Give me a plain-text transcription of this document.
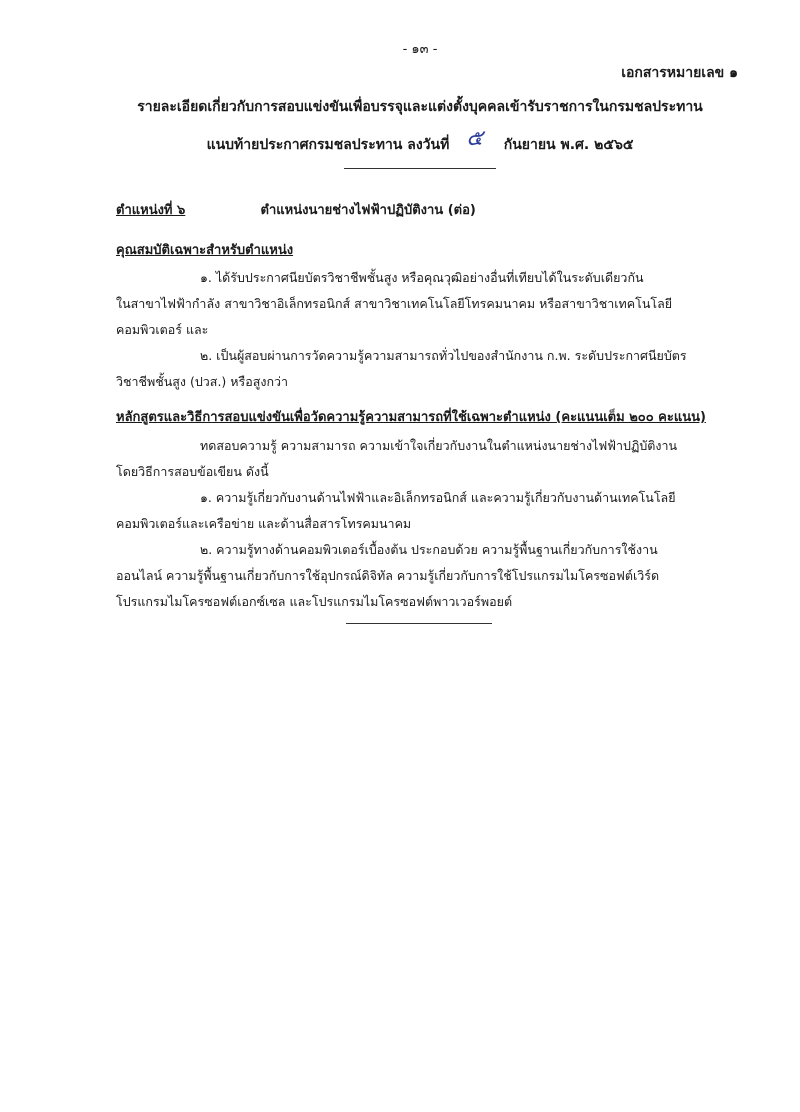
- ๑๓ -
เอกสารหมายเลข ๑
รายละเอียดเกี่ยวกับการสอบแข่งขันเพื่อบรรจุและแต่งตั้งบุคคลเข้ารับราชการในกรมชลประทาน
แนบท้ายประกาศกรมชลประทาน ลงวันที่ ๕ กันยายน พ.ศ. ๒๕๖๕
ตำแหน่งที่ ๖	ตำแหน่งนายช่างไฟฟ้าปฏิบัติงาน (ต่อ)
คุณสมบัติเฉพาะสำหรับตำแหน่ง
๑. ได้รับประกาศนียบัตรวิชาชีพชั้นสูง หรือคุณวุฒิอย่างอื่นที่เทียบได้ในระดับเดียวกัน
ในสาขาไฟฟ้ากำลัง สาขาวิชาอิเล็กทรอนิกส์ สาขาวิชาเทคโนโลยีโทรคมนาคม หรือสาขาวิชาเทคโนโลยี
คอมพิวเตอร์ และ
๒. เป็นผู้สอบผ่านการวัดความรู้ความสามารถทั่วไปของสำนักงาน ก.พ. ระดับประกาศนียบัตร
วิชาชีพชั้นสูง (ปวส.) หรือสูงกว่า
หลักสูตรและวิธีการสอบแข่งขันเพื่อวัดความรู้ความสามารถที่ใช้เฉพาะตำแหน่ง (คะแนนเต็ม ๒๐๐ คะแนน)
ทดสอบความรู้ ความสามารถ ความเข้าใจเกี่ยวกับงานในตำแหน่งนายช่างไฟฟ้าปฏิบัติงาน
โดยวิธีการสอบข้อเขียน ดังนี้
๑. ความรู้เกี่ยวกับงานด้านไฟฟ้าและอิเล็กทรอนิกส์ และความรู้เกี่ยวกับงานด้านเทคโนโลยี
คอมพิวเตอร์และเครือข่าย และด้านสื่อสารโทรคมนาคม
๒. ความรู้ทางด้านคอมพิวเตอร์เบื้องต้น ประกอบด้วย ความรู้พื้นฐานเกี่ยวกับการใช้งาน
ออนไลน์ ความรู้พื้นฐานเกี่ยวกับการใช้อุปกรณ์ดิจิทัล ความรู้เกี่ยวกับการใช้โปรแกรมไมโครซอฟต์เวิร์ด
โปรแกรมไมโครซอฟต์เอกซ์เซล และโปรแกรมไมโครซอฟต์พาวเวอร์พอยต์
